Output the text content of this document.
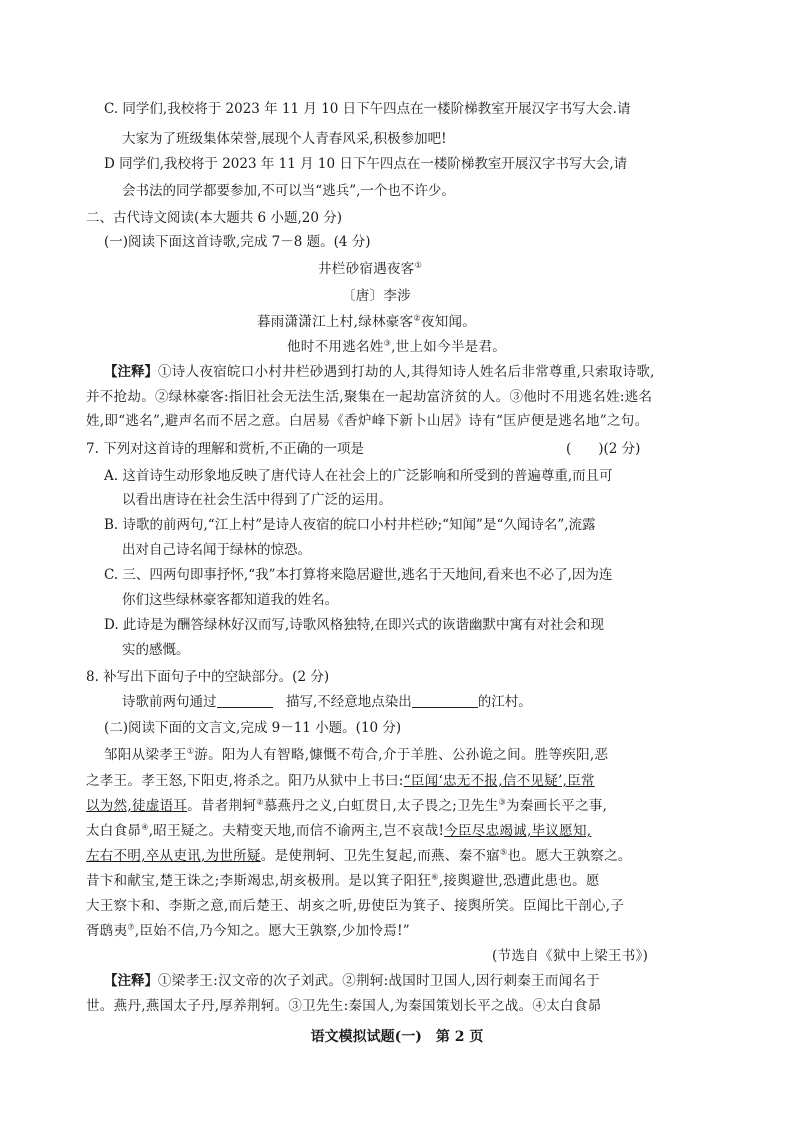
C. 同学们,我校将于 2023 年 11 月 10 日下午四点在一楼阶梯教室开展汉字书写大会.请
大家为了班级集体荣誉,展现个人青春风采,积极参加吧!
D 同学们,我校将于 2023 年 11 月 10 日下午四点在一楼阶梯教室开展汉字书写大会,请
会书法的同学都要参加,不可以当“逃兵”,一个也不许少。
二、古代诗文阅读(本大题共 6 小题,20 分)
(一)阅读下面这首诗歌,完成 7－8 题。(4 分)
井栏砂宿遇夜客①
〔唐〕李涉
暮雨潇潇江上村,绿林豪客②夜知闻。
他时不用逃名姓③,世上如今半是君。
【注释】①诗人夜宿皖口小村井栏砂遇到打劫的人,其得知诗人姓名后非常尊重,只索取诗歌,
并不抢劫。②绿林豪客:指旧社会无法生活,聚集在一起劫富济贫的人。③他时不用逃名姓:逃名
姓,即“逃名”,避声名而不居之意。白居易《香炉峰下新卜山居》诗有“匡庐便是逃名地”之句。
7. 下列对这首诗的理解和赏析,不正确的一项是	(　　)(2 分)
A. 这首诗生动形象地反映了唐代诗人在社会上的广泛影响和所受到的普遍尊重,而且可
以看出唐诗在社会生活中得到了广泛的运用。
B. 诗歌的前两句,“江上村”是诗人夜宿的皖口小村井栏砂;“知闻”是“久闻诗名”,流露
出对自己诗名闻于绿林的惊恐。
C. 三、四两句即事抒怀,“我”本打算将来隐居避世,逃名于天地间,看来也不必了,因为连
你们这些绿林豪客都知道我的姓名。
D. 此诗是为酬答绿林好汉而写,诗歌风格独特,在即兴式的诙谐幽默中寓有对社会和现
实的感慨。
8. 补写出下面句子中的空缺部分。(2 分)
诗歌前两句通过　	描写,不经意地点染出	的江村。
(二)阅读下面的文言文,完成 9－11 小题。(10 分)
邹阳从梁孝王①游。阳为人有智略,慷慨不苟合,介于羊胜、公孙诡之间。胜等疾阳,恶
之孝王。孝王怒,下阳吏,将杀之。阳乃从狱中上书曰:“臣闻‘忠无不报,信不见疑’,臣常
以为然,徒虚语耳。昔者荆轲②慕燕丹之义,白虹贯日,太子畏之;卫先生③为秦画长平之事,
太白食昴④,昭王疑之。夫精变天地,而信不谕两主,岂不哀哉!今臣尽忠竭诚,毕议愿知,
左右不明,卒从吏讯,为世所疑。是使荆轲、卫先生复起,而燕、秦不寤⑤也。愿大王孰察之。
昔卞和献宝,楚王诛之;李斯竭忠,胡亥极刑。是以箕子阳狂⑥,接舆避世,恐遭此患也。愿
大王察卞和、李斯之意,而后楚王、胡亥之听,毋使臣为箕子、接舆所笑。臣闻比干剖心,子
胥鸱夷⑦,臣始不信,乃今知之。愿大王孰察,少加怜焉!”
(节选自《狱中上梁王书》)
【注释】①梁孝王:汉文帝的次子刘武。②荆轲:战国时卫国人,因行刺秦王而闻名于
世。燕丹,燕国太子丹,厚养荆轲。③卫先生:秦国人,为秦国策划长平之战。④太白食昴
语文模拟试题(一)　第 2 页
